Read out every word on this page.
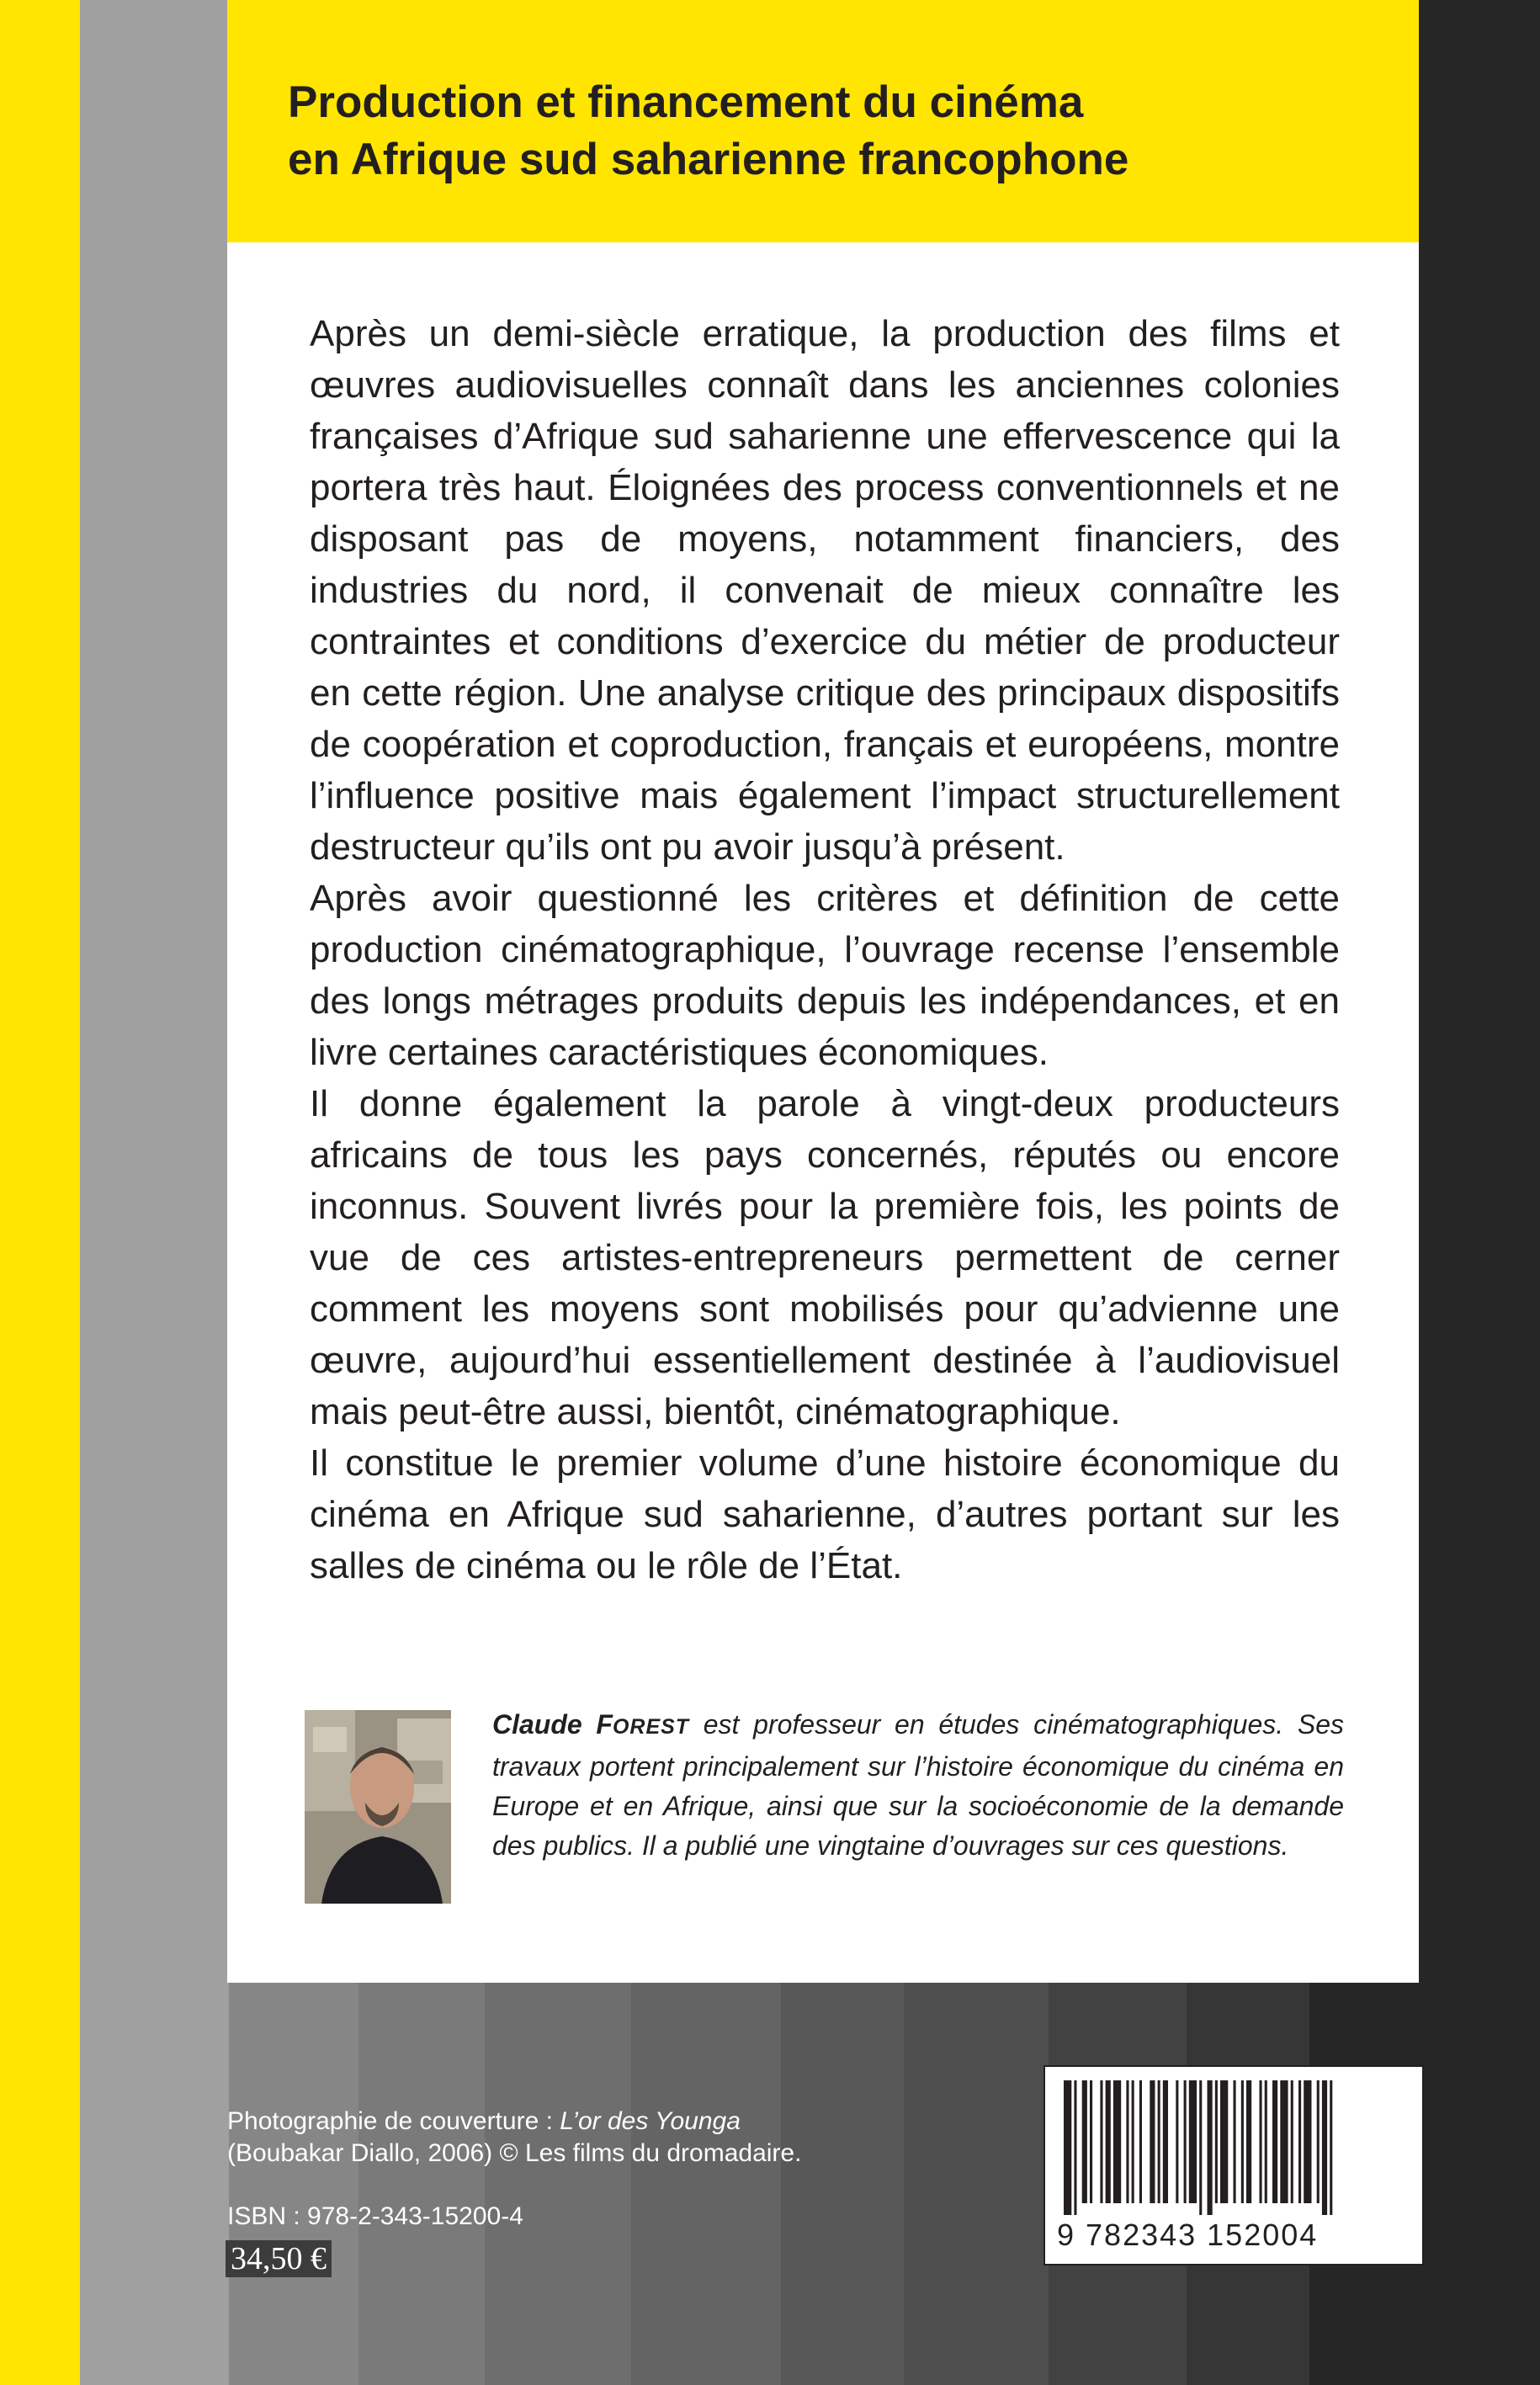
Production et financement du cinéma
en Afrique sud saharienne francophone

Après un demi-siècle erratique, la production des films et œuvres audiovisuelles connaît dans les anciennes colonies françaises d’Afrique sud saharienne une effervescence qui la portera très haut. Éloignées des process conventionnels et ne disposant pas de moyens, notamment financiers, des industries du nord, il convenait de mieux connaître les contraintes et conditions d’exercice du métier de producteur en cette région. Une analyse critique des principaux dispositifs de coopération et coproduction, français et européens, montre l’influence positive mais également l’impact structurellement destructeur qu’ils ont pu avoir jusqu’à présent.

Après avoir questionné les critères et définition de cette production cinématographique, l’ouvrage recense l’ensemble des longs métrages produits depuis les indépendances, et en livre certaines caractéristiques économiques.

Il donne également la parole à vingt-deux producteurs africains de tous les pays concernés, réputés ou encore inconnus. Souvent livrés pour la première fois, les points de vue de ces artistes-entrepreneurs permettent de cerner comment les moyens sont mobilisés pour qu’advienne une œuvre, aujourd’hui essentiellement destinée à l’audiovisuel mais peut-être aussi, bientôt, cinématographique.

Il constitue le premier volume d’une histoire économique du cinéma en Afrique sud saharienne, d’autres portant sur les salles de cinéma ou le rôle de l’État.

Claude FOREST est professeur en études cinématographiques. Ses travaux portent principalement sur l’histoire économique du cinéma en Europe et en Afrique, ainsi que sur la socioéconomie de la demande des publics. Il a publié une vingtaine d’ouvrages sur ces questions.
Photographie de couverture : L’or des Younga
(Boubakar Diallo, 2006) © Les films du dromadaire.
ISBN : 978-2-343-15200-4
34,50 €
9 782343 152004
